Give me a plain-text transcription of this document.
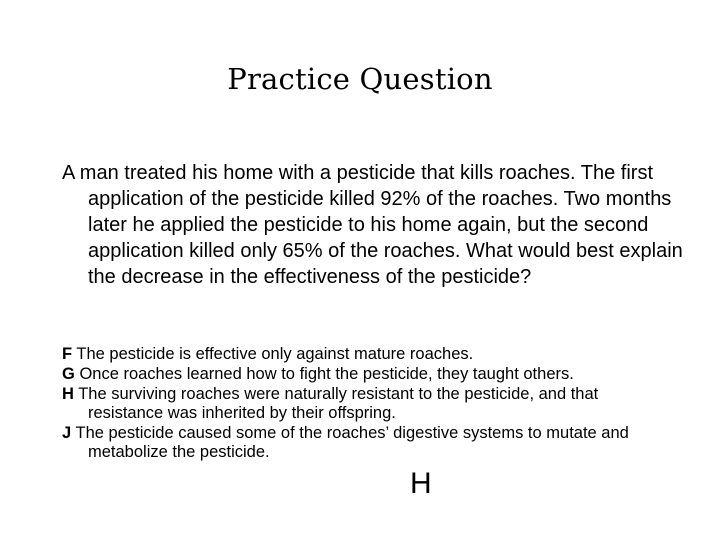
Practice Question

A man treated his home with a pesticide that kills roaches. The first application of the pesticide killed 92% of the roaches. Two months later he applied the pesticide to his home again, but the second application killed only 65% of the roaches. What would best explain the decrease in the effectiveness of the pesticide?

F The pesticide is effective only against mature roaches.
G Once roaches learned how to fight the pesticide, they taught others.
H The surviving roaches were naturally resistant to the pesticide, and that resistance was inherited by their offspring.
J The pesticide caused some of the roaches’ digestive systems to mutate and metabolize the pesticide.
H
